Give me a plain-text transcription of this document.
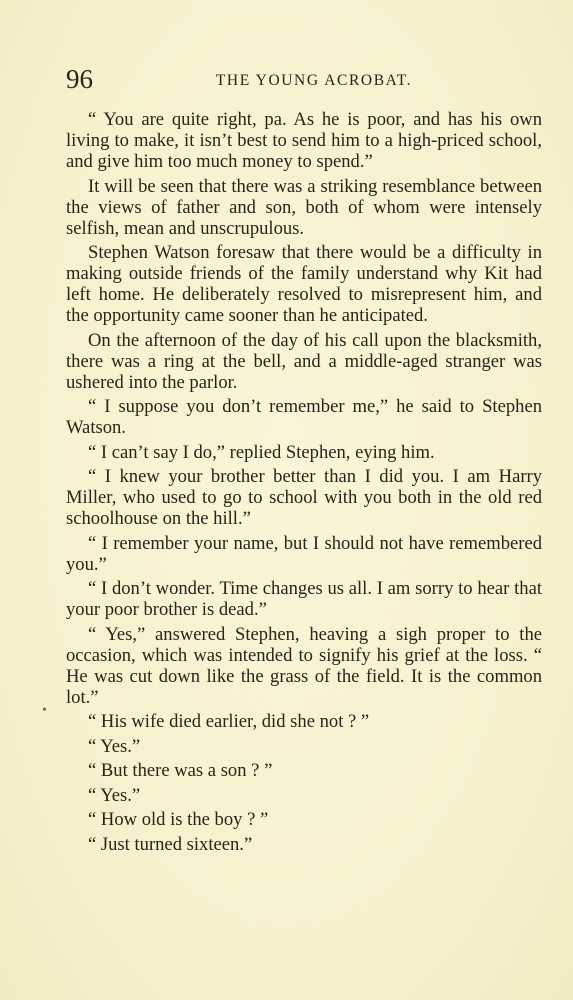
96	THE YOUNG ACROBAT.

“ You are quite right, pa. As he is poor, and has his own living to make, it isn’t best to send him to a high-priced school, and give him too much money to spend.”

It will be seen that there was a striking resemblance between the views of father and son, both of whom were intensely selfish, mean and unscrupulous.

Stephen Watson foresaw that there would be a difficulty in making outside friends of the family understand why Kit had left home. He deliberately resolved to misrepresent him, and the opportunity came sooner than he anticipated.

On the afternoon of the day of his call upon the blacksmith, there was a ring at the bell, and a middle-aged stranger was ushered into the parlor.

“ I suppose you don’t remember me,” he said to Stephen Watson.

“ I can’t say I do,” replied Stephen, eying him.

“ I knew your brother better than I did you. I am Harry Miller, who used to go to school with you both in the old red schoolhouse on the hill.”

“ I remember your name, but I should not have remembered you.”

“ I don’t wonder. Time changes us all. I am sorry to hear that your poor brother is dead.”

“ Yes,” answered Stephen, heaving a sigh proper to the occasion, which was intended to signify his grief at the loss. “ He was cut down like the grass of the field. It is the common lot.”

“ His wife died earlier, did she not ? ”

“ Yes.”

“ But there was a son ? ”

“ Yes.”

“ How old is the boy ? ”

“ Just turned sixteen.”

•
